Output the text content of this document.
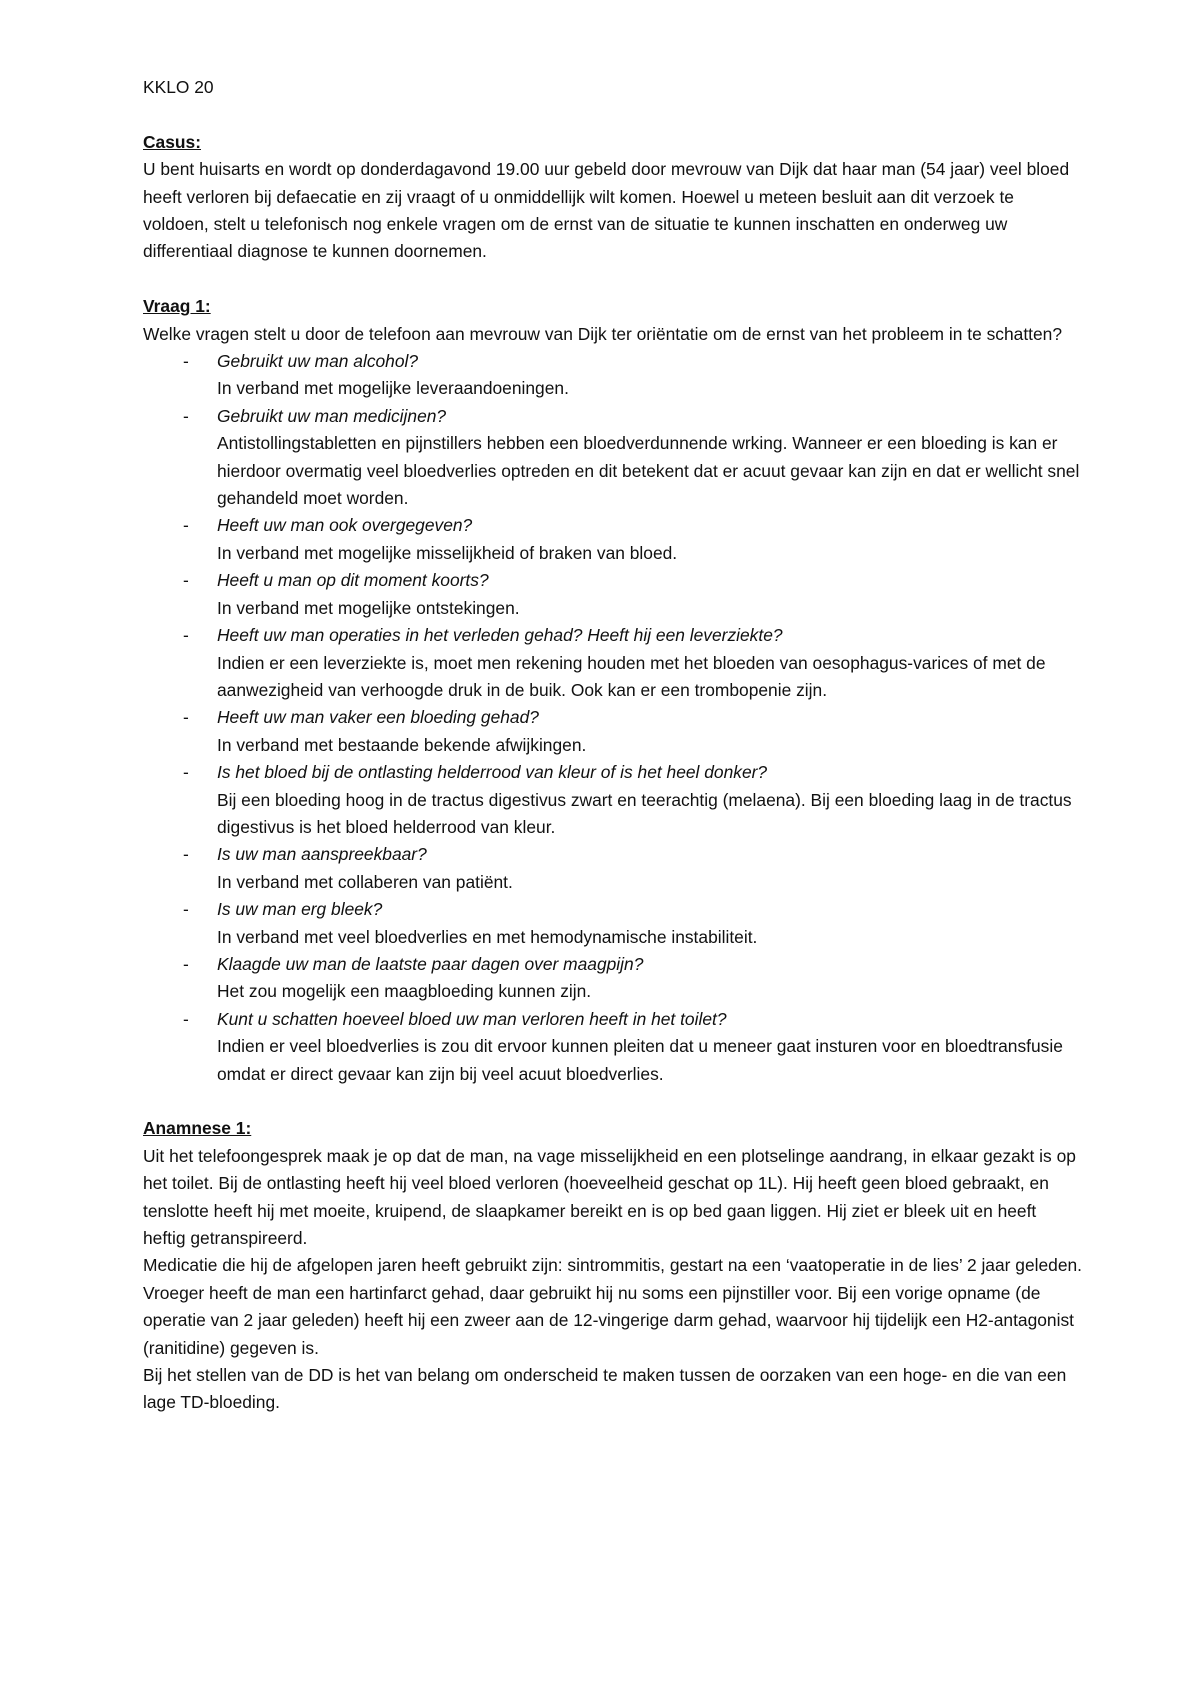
KKLO 20

Casus:

U bent huisarts en wordt op donderdagavond 19.00 uur gebeld door mevrouw van Dijk dat haar man (54 jaar) veel bloed heeft verloren bij defaecatie en zij vraagt of u onmiddellijk wilt komen. Hoewel u meteen besluit aan dit verzoek te voldoen, stelt u telefonisch nog enkele vragen om de ernst van de situatie te kunnen inschatten en onderweg uw differentiaal diagnose te kunnen doornemen.

Vraag 1:

Welke vragen stelt u door de telefoon aan mevrouw van Dijk ter oriëntatie om de ernst van het probleem in te schatten?

- Gebruikt uw man alcohol?
In verband met mogelijke leveraandoeningen.
- Gebruikt uw man medicijnen?
Antistollingstabletten en pijnstillers hebben een bloedverdunnende wrking. Wanneer er een bloeding is kan er hierdoor overmatig veel bloedverlies optreden en dit betekent dat er acuut gevaar kan zijn en dat er wellicht snel gehandeld moet worden.
- Heeft uw man ook overgegeven?
In verband met mogelijke misselijkheid of braken van bloed.
- Heeft u man op dit moment koorts?
In verband met mogelijke ontstekingen.
- Heeft uw man operaties in het verleden gehad? Heeft hij een leverziekte?
Indien er een leverziekte is, moet men rekening houden met het bloeden van oesophagus-varices of met de aanwezigheid van verhoogde druk in de buik. Ook kan er een trombopenie zijn.
- Heeft uw man vaker een bloeding gehad?
In verband met bestaande bekende afwijkingen.
- Is het bloed bij de ontlasting helderrood van kleur of is het heel donker?
Bij een bloeding hoog in de tractus digestivus zwart en teerachtig (melaena). Bij een bloeding laag in de tractus digestivus is het bloed helderrood van kleur.
- Is uw man aanspreekbaar?
In verband met collaberen van patiënt.
- Is uw man erg bleek?
In verband met veel bloedverlies en met hemodynamische instabiliteit.
- Klaagde uw man de laatste paar dagen over maagpijn?
Het zou mogelijk een maagbloeding kunnen zijn.
- Kunt u schatten hoeveel bloed uw man verloren heeft in het toilet?
Indien er veel bloedverlies is zou dit ervoor kunnen pleiten dat u meneer gaat insturen voor en bloedtransfusie omdat er direct gevaar kan zijn bij veel acuut bloedverlies.

Anamnese 1:

Uit het telefoongesprek maak je op dat de man, na vage misselijkheid en een plotselinge aandrang, in elkaar gezakt is op het toilet. Bij de ontlasting heeft hij veel bloed verloren (hoeveelheid geschat op 1L). Hij heeft geen bloed gebraakt, en tenslotte heeft hij met moeite, kruipend, de slaapkamer bereikt en is op bed gaan liggen. Hij ziet er bleek uit en heeft heftig getranspireerd.

Medicatie die hij de afgelopen jaren heeft gebruikt zijn: sintrommitis, gestart na een ‘vaatoperatie in de lies’ 2 jaar geleden. Vroeger heeft de man een hartinfarct gehad, daar gebruikt hij nu soms een pijnstiller voor. Bij een vorige opname (de operatie van 2 jaar geleden) heeft hij een zweer aan de 12-vingerige darm gehad, waarvoor hij tijdelijk een H2-antagonist (ranitidine) gegeven is.

Bij het stellen van de DD is het van belang om onderscheid te maken tussen de oorzaken van een hoge- en die van een lage TD-bloeding.
